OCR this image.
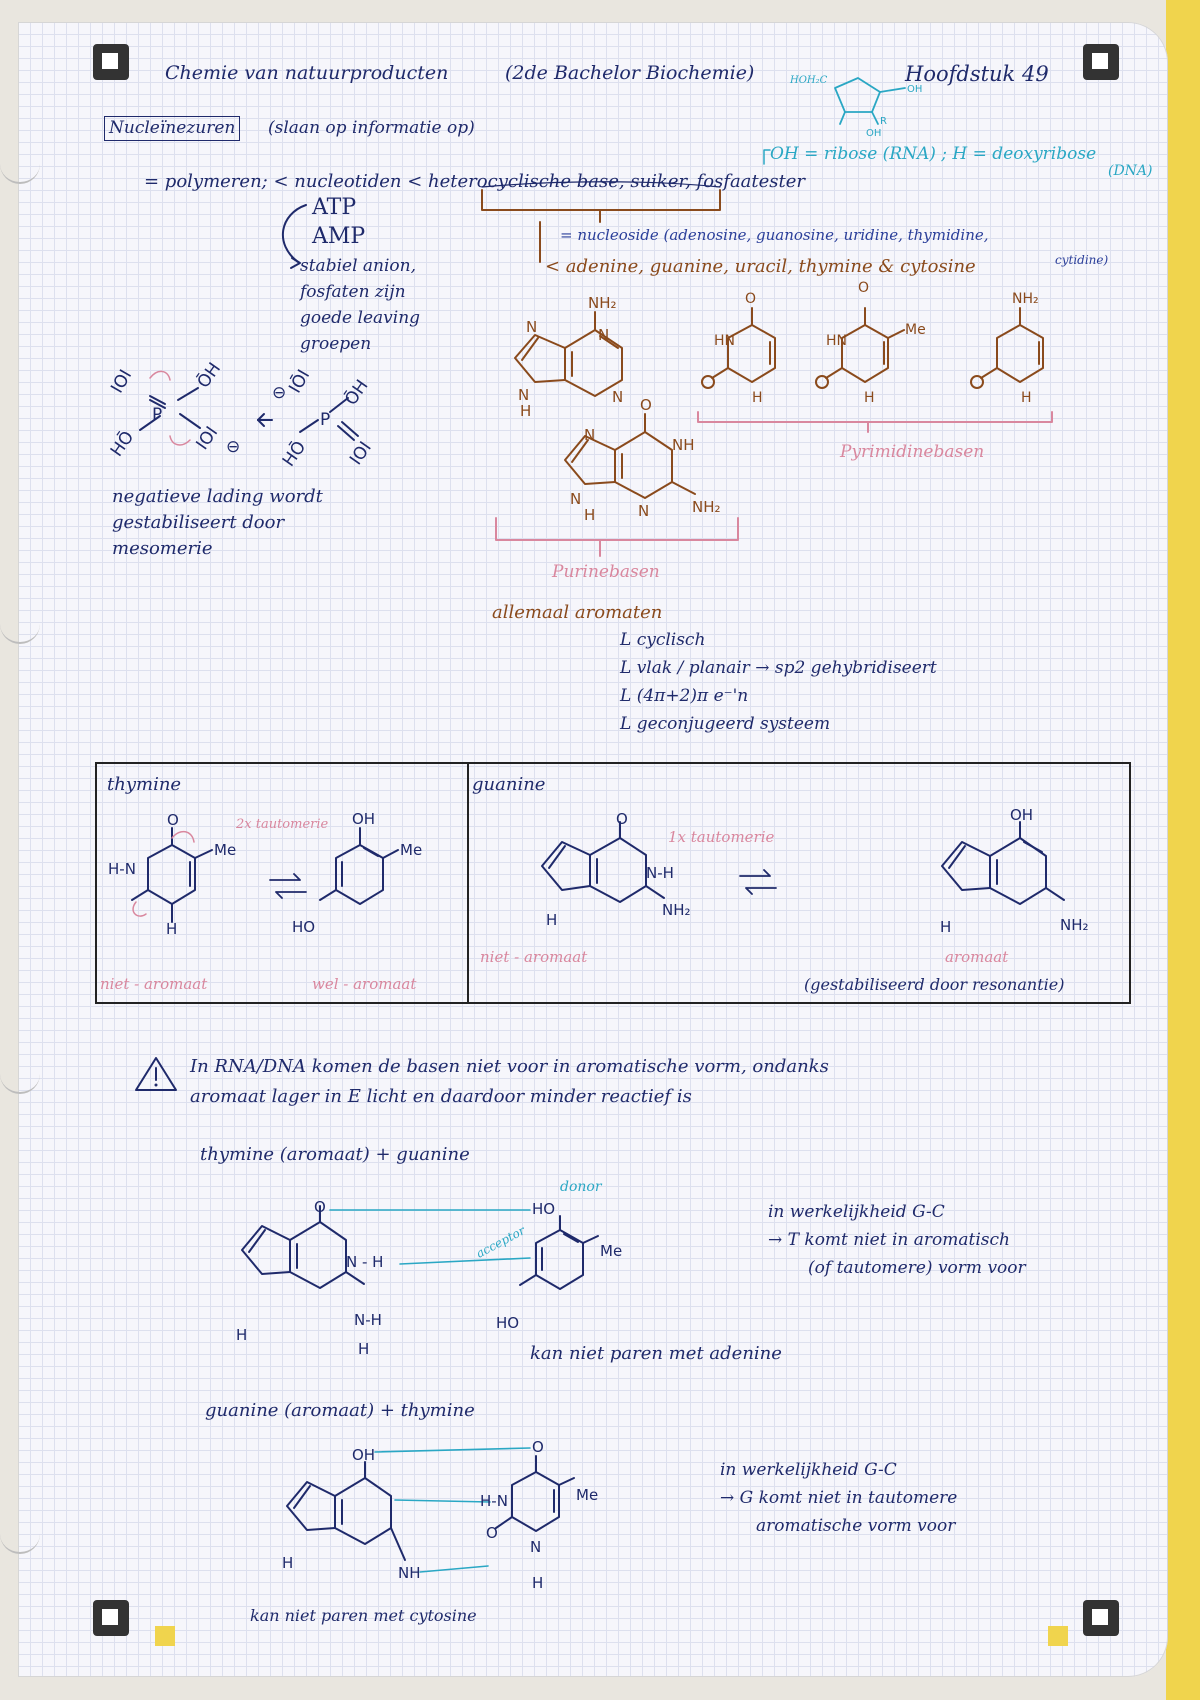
Chemie van natuurproducten	(2de Bachelor Biochemie)	HOH₂C	Hoofdstuk 49
Nucleïnezuren (slaan op informatie op)
= polymeren; < nucleotiden < heterocyclische base, suiker, fosfaatester
OH = ribose (RNA) ; H = deoxyribose
(DNA)
ATP
AMP
stabiel anion,
fosfaten zijn
goede leaving
groepen
= nucleoside (adenosine, guanosine, uridine, thymidine,
cytidine)
< adenine, guanine, uracil, thymine & cytosine
Pyrimidinebasen
Purinebasen
negatieve lading wordt
gestabiliseert door
mesomerie
allemaal aromaten
L cyclisch
L vlak / planair → sp2 gehybridiseert
L (4π+2)π e⁻'n
L geconjugeerd systeem
thymine
2x tautomerie
niet - aromaat	wel - aromaat
guanine
1x tautomerie
niet - aromaat	aromaat
(gestabiliseerd door resonantie)
In RNA/DNA komen de basen niet voor in aromatische vorm, ondanks
aromaat lager in E licht en daardoor minder reactief is
thymine (aromaat) + guanine
donor
acceptor
kan niet paren met adenine
in werkelijkheid G-C
→ T komt niet in aromatisch
(of tautomere) vorm voor
guanine (aromaat) + thymine
kan niet paren met cytosine
in werkelijkheid G-C
→ G komt niet in tautomere
aromatische vorm voor
OH
OH
R
P	P
IOI	ŌH
HŌ	IOI
IŌI ŌH
HŌ IOI
⊖
⊖
NH₂
N	N
N
H
N
O
HN
H
O
HN
Me
H
NH₂
H
O
NH
N
N
H	N	NH₂
O
Me
H-N
H
OH
Me
HO
O
N-H
H
NH₂
OH
H	NH₂
O
N - H
N-H
H
H
HO
Me
HO
OH
H
NH
O
Me
H-N
O
N
H
